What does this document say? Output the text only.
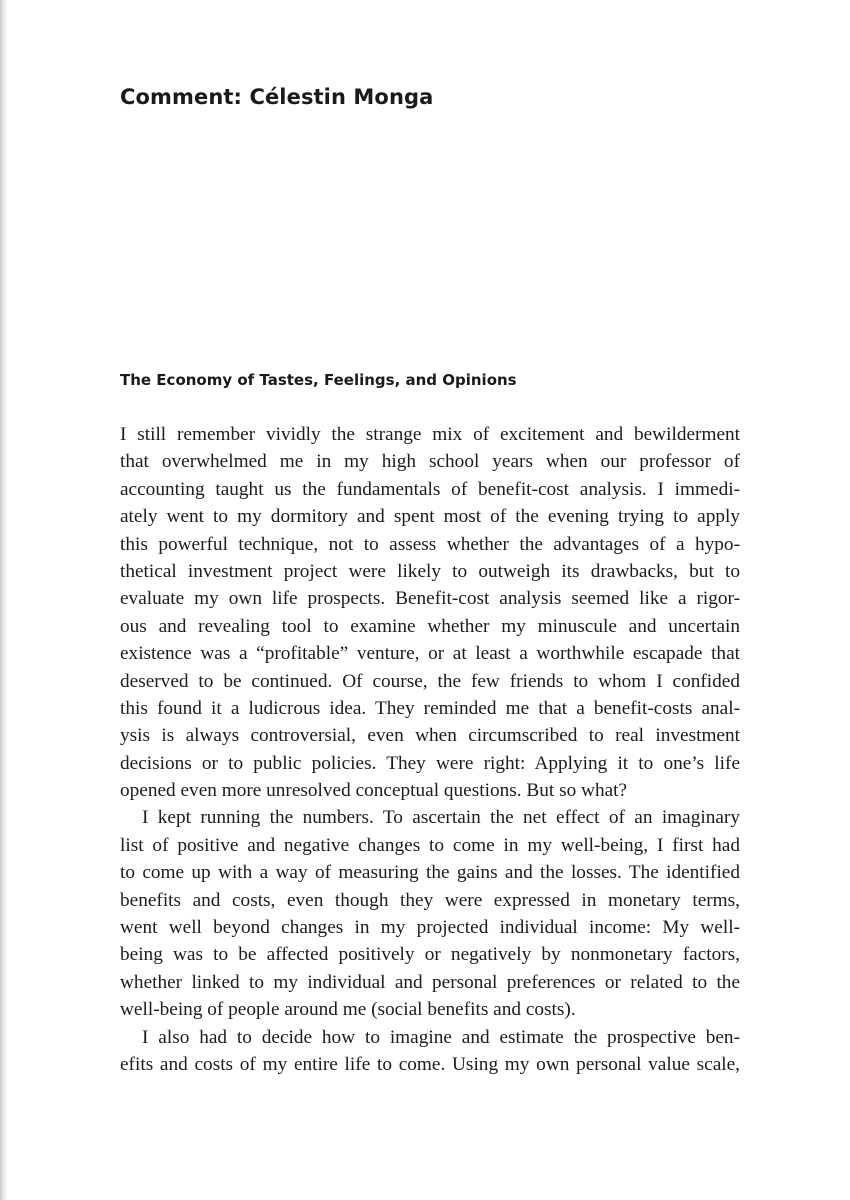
Comment: Célestin Monga
The Economy of Tastes, Feelings, and Opinions
I still remember vividly the strange mix of excitement and bewilderment
that overwhelmed me in my high school years when our professor of
accounting taught us the fundamentals of benefit-cost analysis. I immedi-
ately went to my dormitory and spent most of the evening trying to apply
this powerful technique, not to assess whether the advantages of a hypo-
thetical investment project were likely to outweigh its drawbacks, but to
evaluate my own life prospects. Benefit-cost analysis seemed like a rigor-
ous and revealing tool to examine whether my minuscule and uncertain
existence was a “profitable” venture, or at least a worthwhile escapade that
deserved to be continued. Of course, the few friends to whom I confided
this found it a ludicrous idea. They reminded me that a benefit-costs anal-
ysis is always controversial, even when circumscribed to real investment
decisions or to public policies. They were right: Applying it to one’s life
opened even more unresolved conceptual questions. But so what?
I kept running the numbers. To ascertain the net effect of an imaginary
list of positive and negative changes to come in my well-being, I first had
to come up with a way of measuring the gains and the losses. The identified
benefits and costs, even though they were expressed in monetary terms,
went well beyond changes in my projected individual income: My well-
being was to be affected positively or negatively by nonmonetary factors,
whether linked to my individual and personal preferences or related to the
well-being of people around me (social benefits and costs).
I also had to decide how to imagine and estimate the prospective ben-
efits and costs of my entire life to come. Using my own personal value scale,
